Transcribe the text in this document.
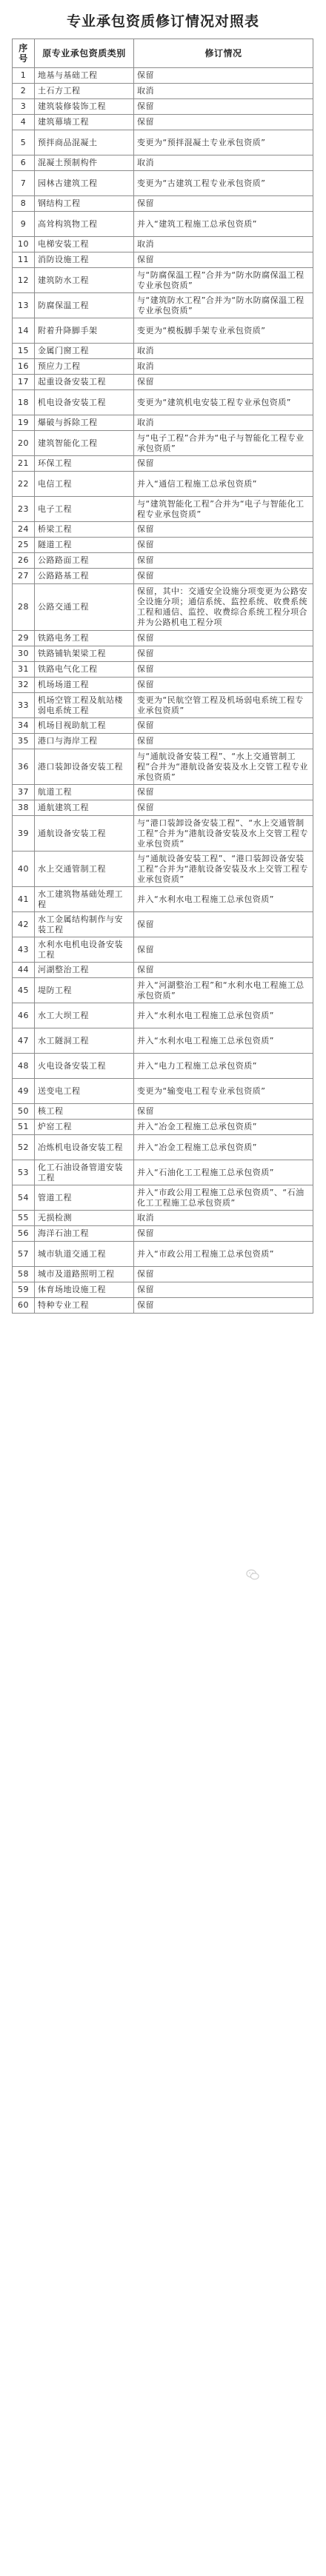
专业承包资质修订情况对照表
序号	原专业承包资质类别	修订情况
1	地基与基础工程	保留
2	土石方工程	取消
3	建筑装修装饰工程	保留
4	建筑幕墙工程	保留
5	预拌商品混凝土	变更为“预拌混凝土专业承包资质”
6	混凝土预制构件	取消
7	园林古建筑工程	变更为“古建筑工程专业承包资质”
8	钢结构工程	保留
9	高耸构筑物工程	并入“建筑工程施工总承包资质”
10	电梯安装工程	取消
11	消防设施工程	保留
12	建筑防水工程	与“防腐保温工程”合并为“防水防腐保温工程专业承包资质”
13	防腐保温工程	与“建筑防水工程”合并为“防水防腐保温工程专业承包资质”
14	附着升降脚手架	变更为“模板脚手架专业承包资质”
15	金属门窗工程	取消
16	预应力工程	取消
17	起重设备安装工程	保留
18	机电设备安装工程	变更为“建筑机电安装工程专业承包资质”
19	爆破与拆除工程	取消
20	建筑智能化工程	与“电子工程”合并为“电子与智能化工程专业承包资质”
21	环保工程	保留
22	电信工程	并入“通信工程施工总承包资质”
23	电子工程	与“建筑智能化工程”合并为“电子与智能化工程专业承包资质”
24	桥梁工程	保留
25	隧道工程	保留
26	公路路面工程	保留
27	公路路基工程	保留
28	公路交通工程	保留，其中：交通安全设施分项变更为公路安全设施分项；通信系统、监控系统、收费系统工程和通信、监控、收费综合系统工程分项合并为公路机电工程分项
29	铁路电务工程	保留
30	铁路铺轨架梁工程	保留
31	铁路电气化工程	保留
32	机场场道工程	保留
33	机场空管工程及航站楼弱电系统工程	变更为“民航空管工程及机场弱电系统工程专业承包资质”
34	机场目视助航工程	保留
35	港口与海岸工程	保留
36	港口装卸设备安装工程	与“通航设备安装工程”、“水上交通管制工程”合并为“港航设备安装及水上交管工程专业承包资质”
37	航道工程	保留
38	通航建筑工程	保留
39	通航设备安装工程	与“港口装卸设备安装工程”、“水上交通管制工程”合并为“港航设备安装及水上交管工程专业承包资质”
40	水上交通管制工程	与“通航设备安装工程”、“港口装卸设备安装工程”合并为“港航设备安装及水上交管工程专业承包资质”
41	水工建筑物基础处理工程	并入“水利水电工程施工总承包资质”
42	水工金属结构制作与安装工程	保留
43	水利水电机电设备安装工程	保留
44	河湖整治工程	保留
45	堤防工程	并入“河湖整治工程”和“水利水电工程施工总承包资质”
46	水工大坝工程	并入“水利水电工程施工总承包资质”
47	水工隧洞工程	并入“水利水电工程施工总承包资质”
48	火电设备安装工程	并入“电力工程施工总承包资质”
49	送变电工程	变更为“输变电工程专业承包资质”
50	核工程	保留
51	炉窑工程	并入“冶金工程施工总承包资质”
52	冶炼机电设备安装工程	并入“冶金工程施工总承包资质”
53	化工石油设备管道安装工程	并入“石油化工工程施工总承包资质”
54	管道工程	并入“市政公用工程施工总承包资质”、“石油化工工程施工总承包资质”
55	无损检测	取消
56	海洋石油工程	保留
57	城市轨道交通工程	并入“市政公用工程施工总承包资质”
58	城市及道路照明工程	保留
59	体育场地设施工程	保留
60	特种专业工程	保留
